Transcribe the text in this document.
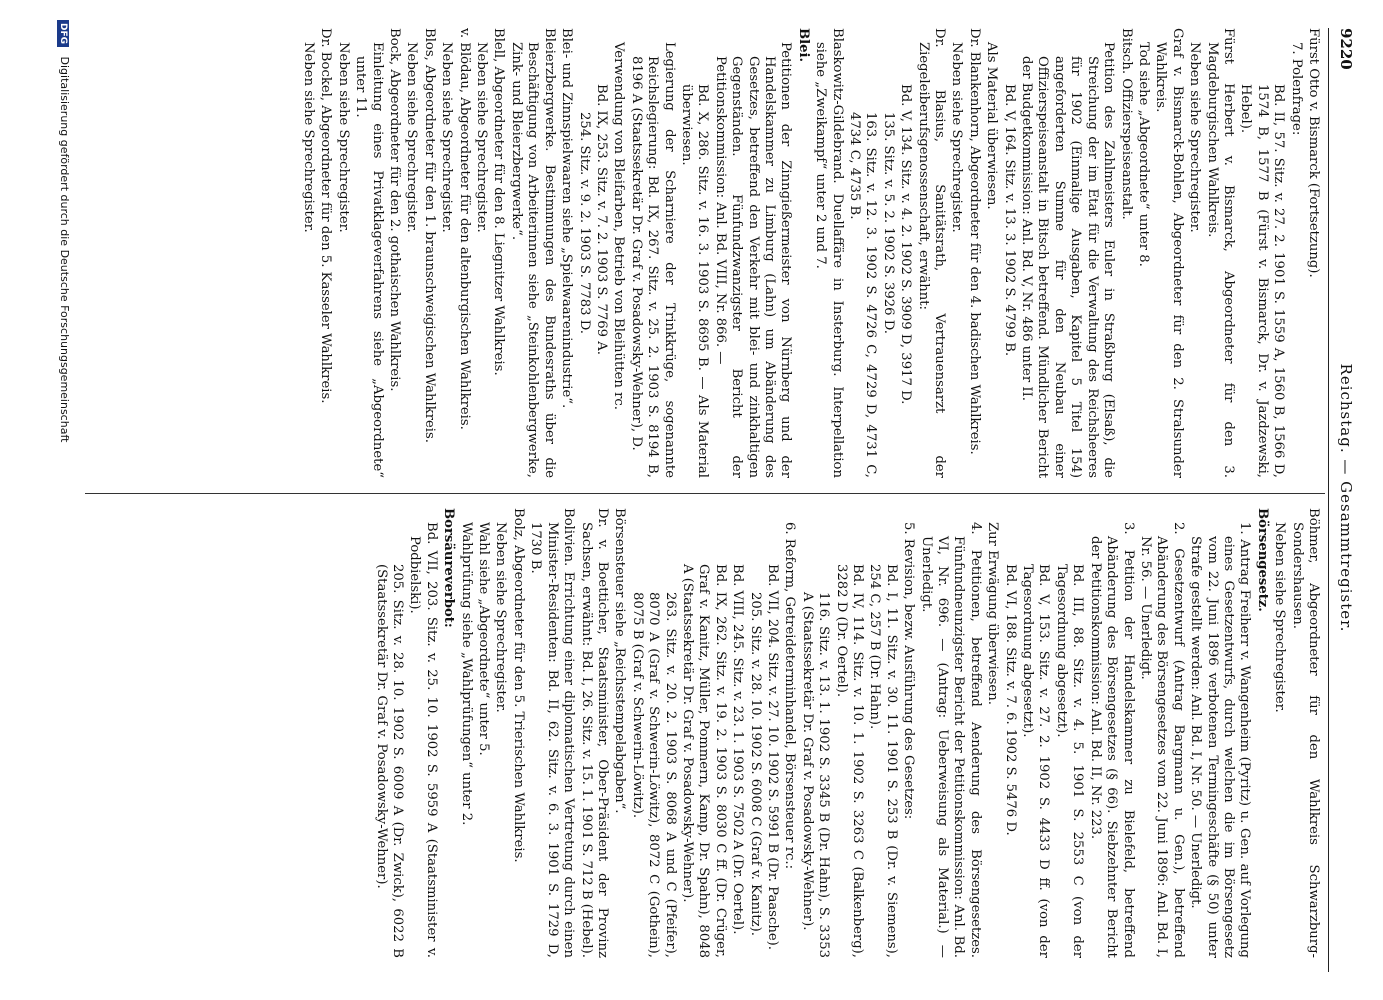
9220
Reichstag. — Gesammtregister.
Fürst Otto v. Bismarck (Fortsetzung).
7. Polenfrage:
Bd. II, 57. Sitz. v. 27. 2. 1901 S. 1559 A, 1560 B, 1566 D, 1574 B, 1577 B (Fürst v. Bismarck, Dr. v. Jazdzewski, Hebel).
Fürst Herbert v. Bismarck, Abgeordneter für den 3. Magdeburgischen Wahlkreis.
Neben siehe Sprechregister.
Graf v. Bismarck-Bohlen, Abgeordneter für den 2. Stralsunder Wahlkreis.
Tod siehe „Abgeordnete“ unter 8.
Bitsch. Offizierspeiseanstalt.
Petition des Zahlmeisters Euler in Straßburg (Elsaß), die Streichung der im Etat für die Verwaltung des Reichsheeres für 1902 (Einmalige Ausgaben, Kapitel 5 Titel 154) angeforderten Summe für den Neubau einer Offizierspeiseanstalt in Bitsch betreffend. Mündlicher Bericht der Budgetkommission: Anl. Bd. V, Nr. 486 unter II.
Bd. V, 164. Sitz. v. 13. 3. 1902 S. 4799 B.
Als Material überwiesen.
Dr. Blankenhorn, Abgeordneter für den 4. badischen Wahlkreis.
Neben siehe Sprechregister.
Dr. Blasius, Sanitätsrath, Vertrauensarzt der Ziegeleiberufsgenossenschaft, erwähnt:
Bd. V, 134. Sitz. v. 4. 2. 1902 S. 3909 D, 3917 D.
135. Sitz. v. 5. 2. 1902 S. 3926 D.
163. Sitz. v. 12. 3. 1902 S. 4726 C, 4729 D, 4731 C, 4734 C, 4735 B.
Blaskowitz-Gildebrand. Duellaffäre in Insterburg. Interpellation siehe „Zweikampf“ unter 2 und 7.
Blei.
Petitionen der Zinngießermeister von Nürnberg und der Handelskammer zu Limburg (Lahn) um Abänderung des Gesetzes, betreffend den Verkehr mit blei- und zinkhaltigen Gegenständen. Fünfundzwanzigster Bericht der Petitionskommission: Anl. Bd. VIII, Nr. 866. —
Bd. X, 286. Sitz. v. 16. 3. 1903 S. 8695 B. — Als Material überwiesen.
Legierung der Scharniere der Trinkkrüge, sogenannte Reichslegierung: Bd. IX, 267. Sitz. v. 25. 2. 1903 S. 8194 B, 8196 A (Staatssekretär Dr. Graf v. Posadowsky-Wehner), D.
Verwendung von Bleifarben, Betrieb von Bleihütten rc.
Bd. IX, 253. Sitz. v. 7. 2. 1903 S. 7769 A.
254. Sitz. v. 9. 2. 1903 S. 7783 D.
Blei- und Zinnspielwaaren siehe „Spielwaarenindustrie“.
Bleierzbergwerke. Bestimmungen des Bundesraths über die Beschäftigung von Arbeiterinnen siehe „Steinkohlenbergwerke, Zink- und Bleierzbergwerke“.
Blell, Abgeordneter für den 8. Liegnitzer Wahlkreis.
Neben siehe Sprechregister.
v. Blödau, Abgeordneter für den altenburgischen Wahlkreis.
Neben siehe Sprechregister.
Blos, Abgeordneter für den 1. braunschweigischen Wahlkreis.
Neben siehe Sprechregister.
Bock, Abgeordneter für den 2. gothaischen Wahlkreis.
Einleitung eines Privatklageverfahrens siehe „Abgeordnete“ unter 11.
Neben siehe Sprechregister.
Dr. Bockel, Abgeordneter für den 5. Kasseler Wahlkreis.
Neben siehe Sprechregister.
Böhmer, Abgeordneter für den Wahlkreis Schwarzburg-Sondershausen.
Neben siehe Sprechregister.
Börsengesetz.
1. Antrag Freiherr v. Wangenheim (Pyritz) u. Gen. auf Vorlegung eines Gesetzentwurfs, durch welchen die im Börsengesetz vom 22. Juni 1896 verbotenen Termingeschäfte (§ 50) unter Strafe gestellt werden: Anl. Bd. I, Nr. 50. — Unerledigt.
2. Gesetzentwurf (Antrag Bargmann u. Gen.), betreffend Abänderung des Börsengesetzes vom 22. Juni 1896: Anl. Bd. I, Nr. 56. — Unerledigt.
3. Petition der Handelskammer zu Bielefeld, betreffend Abänderung des Börsengesetzes (§ 66). Siebzehnter Bericht der Petitionskommission: Anl. Bd. II, Nr. 223.
Bd. III, 88. Sitz. v. 4. 5. 1901 S. 2553 C (von der Tagesordnung abgesetzt).
Bd. V, 153. Sitz. v. 27. 2. 1902 S. 4433 D ff. (von der Tagesordnung abgesetzt).
Bd. VI, 188. Sitz. v. 7. 6. 1902 S. 5476 D.
Zur Erwägung überwiesen.
4. Petitionen, betreffend Aenderung des Börsengesetzes. Fünfundneunzigster Bericht der Petitionskommission: Anl. Bd. VI, Nr. 696. — (Antrag: Ueberweisung als Material.) — Unerledigt.
5. Revision, bezw. Ausführung des Gesetzes:
Bd. I, 11. Sitz. v. 30. 11. 1901 S. 253 B (Dr. v. Siemens), 254 C, 257 B (Dr. Hahn).
Bd. IV, 114. Sitz. v. 10. 1. 1902 S. 3263 C (Balkenberg), 3282 D (Dr. Oertel).
116. Sitz. v. 13. 1. 1902 S. 3345 B (Dr. Hahn), S. 3353 A (Staatssekretär Dr. Graf v. Posadowsky-Wehner).
6. Reform, Getreideterminhandel, Börsensteuer rc.:
Bd. VII, 204. Sitz. v. 27. 10. 1902 S. 5991 B (Dr. Paasche).
205. Sitz. v. 28. 10. 1902 S. 6008 C (Graf v. Kanitz).
Bd. VIII, 245. Sitz. v. 23. 1. 1903 S. 7502 A (Dr. Oertel).
Bd. IX, 262. Sitz. v. 19. 2. 1903 S. 8030 C ff. (Dr. Crüger, Graf v. Kanitz, Müller, Pommern, Kamp, Dr. Spahn), 8048 A (Staatssekretär Dr. Graf v. Posadowsky-Wehner).
263. Sitz. v. 20. 2. 1903 S. 8068 A und C (Pfeifer), 8070 A (Graf v. Schwerin-Löwitz), 8072 C (Gothein), 8075 B (Graf v. Schwerin-Löwitz).
Börsensteuer siehe „Reichsstempelabgaben“.
Dr. v. Boetticher, Staatsminister, Ober-Präsident der Provinz Sachsen, erwähnt: Bd. I, 26. Sitz. v. 15. 1. 1901 S. 712 B (Hebel).
Bolivien. Errichtung einer diplomatischen Vertretung durch einen Minister-Residenten: Bd. II, 62. Sitz. v. 6. 3. 1901 S. 1729 D, 1730 B.
Bolz, Abgeordneter für den 5. Trierischen Wahlkreis.
Neben siehe Sprechregister.
Wahl siehe „Abgeordnete“ unter 5.
Wahlprüfung siehe „Wahlprüfungen“ unter 2.
Borsäureverbot:
Bd. VII, 203. Sitz. v. 25. 10. 1902 S. 5959 A (Staatsminister v. Podbielski).
205. Sitz. v. 28. 10. 1902 S. 6009 A (Dr. Zwick), 6022 B (Staatssekretär Dr. Graf v. Posadowsky-Wehner).
DFG Digitalisierung gefördert durch die Deutsche Forschungsgemeinschaft
